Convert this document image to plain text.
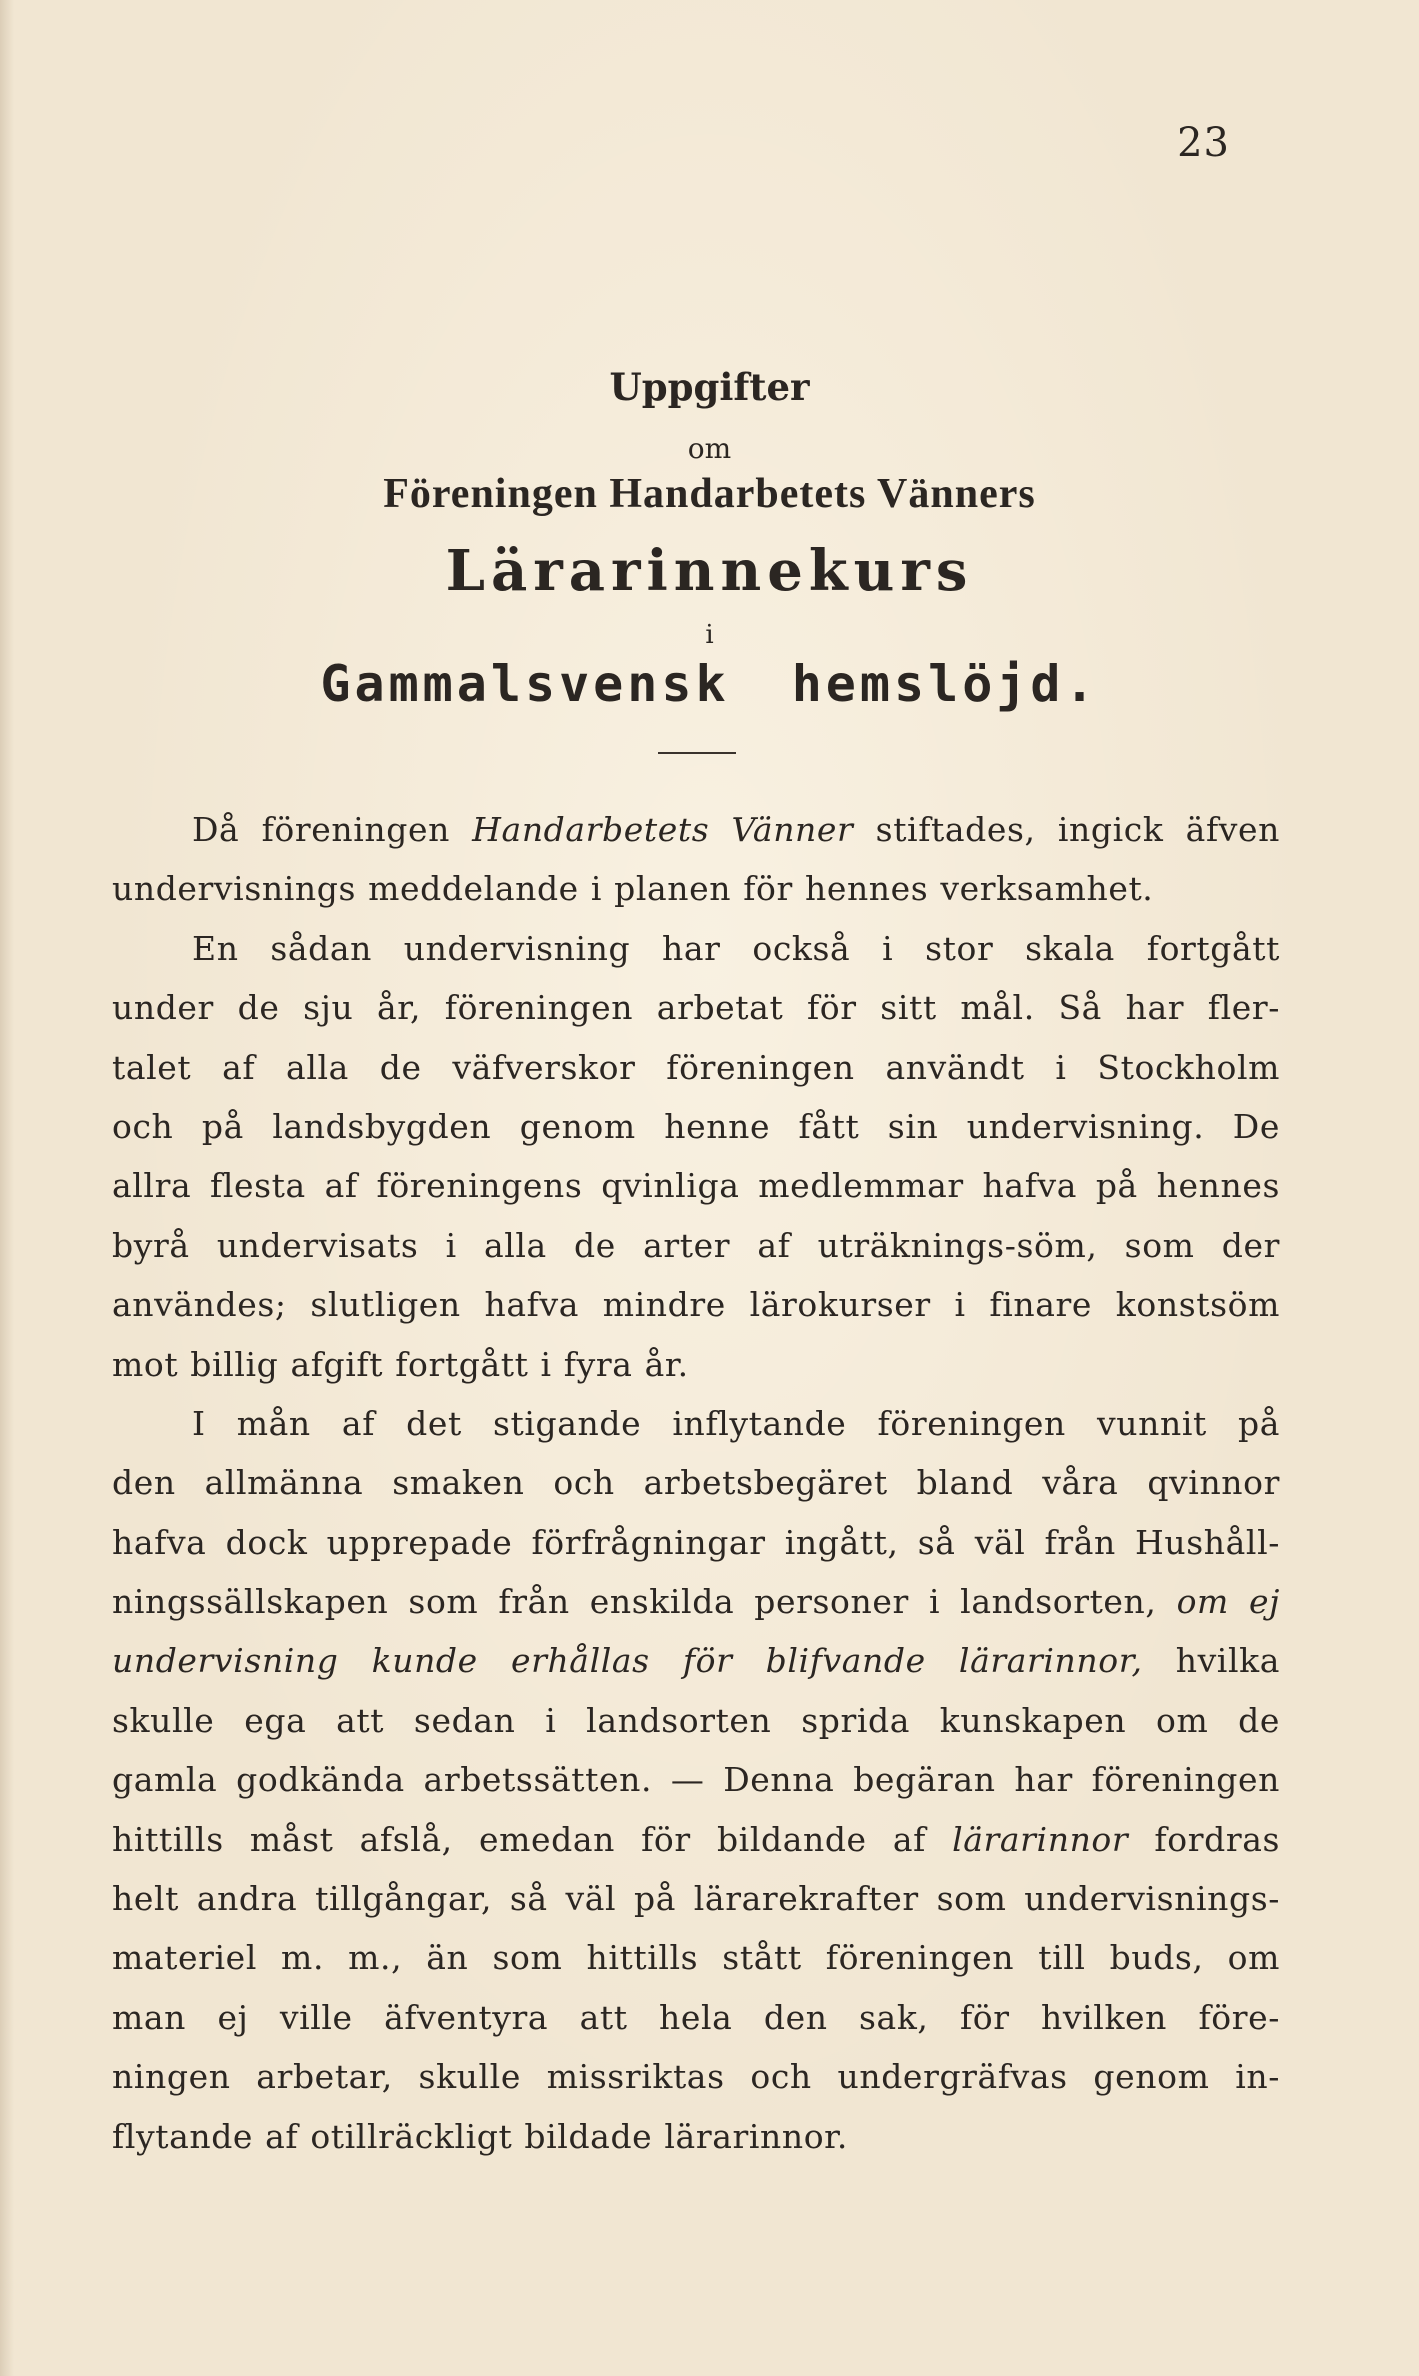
23
Uppgifter
om
Föreningen Handarbetets Vänners
Lärarinnekurs
i
Gammalsvensk hemslöjd.
Då föreningen Handarbetets Vänner stiftades, ingick äfven
undervisnings meddelande i planen för hennes verksamhet.
En sådan undervisning har också i stor skala fortgått
under de sju år, föreningen arbetat för sitt mål. Så har fler-
talet af alla de väfverskor föreningen användt i Stockholm
och på landsbygden genom henne fått sin undervisning. De
allra flesta af föreningens qvinliga medlemmar hafva på hennes
byrå undervisats i alla de arter af uträknings-söm, som der
användes; slutligen hafva mindre lärokurser i finare konstsöm
mot billig afgift fortgått i fyra år.
I mån af det stigande inflytande föreningen vunnit på
den allmänna smaken och arbetsbegäret bland våra qvinnor
hafva dock upprepade förfrågningar ingått, så väl från Hushåll-
ningssällskapen som från enskilda personer i landsorten, om ej
undervisning kunde erhållas för blifvande lärarinnor, hvilka
skulle ega att sedan i landsorten sprida kunskapen om de
gamla godkända arbetssätten. — Denna begäran har föreningen
hittills måst afslå, emedan för bildande af lärarinnor fordras
helt andra tillgångar, så väl på lärarekrafter som undervisnings-
materiel m. m., än som hittills stått föreningen till buds, om
man ej ville äfventyra att hela den sak, för hvilken före-
ningen arbetar, skulle missriktas och undergräfvas genom in-
flytande af otillräckligt bildade lärarinnor.
